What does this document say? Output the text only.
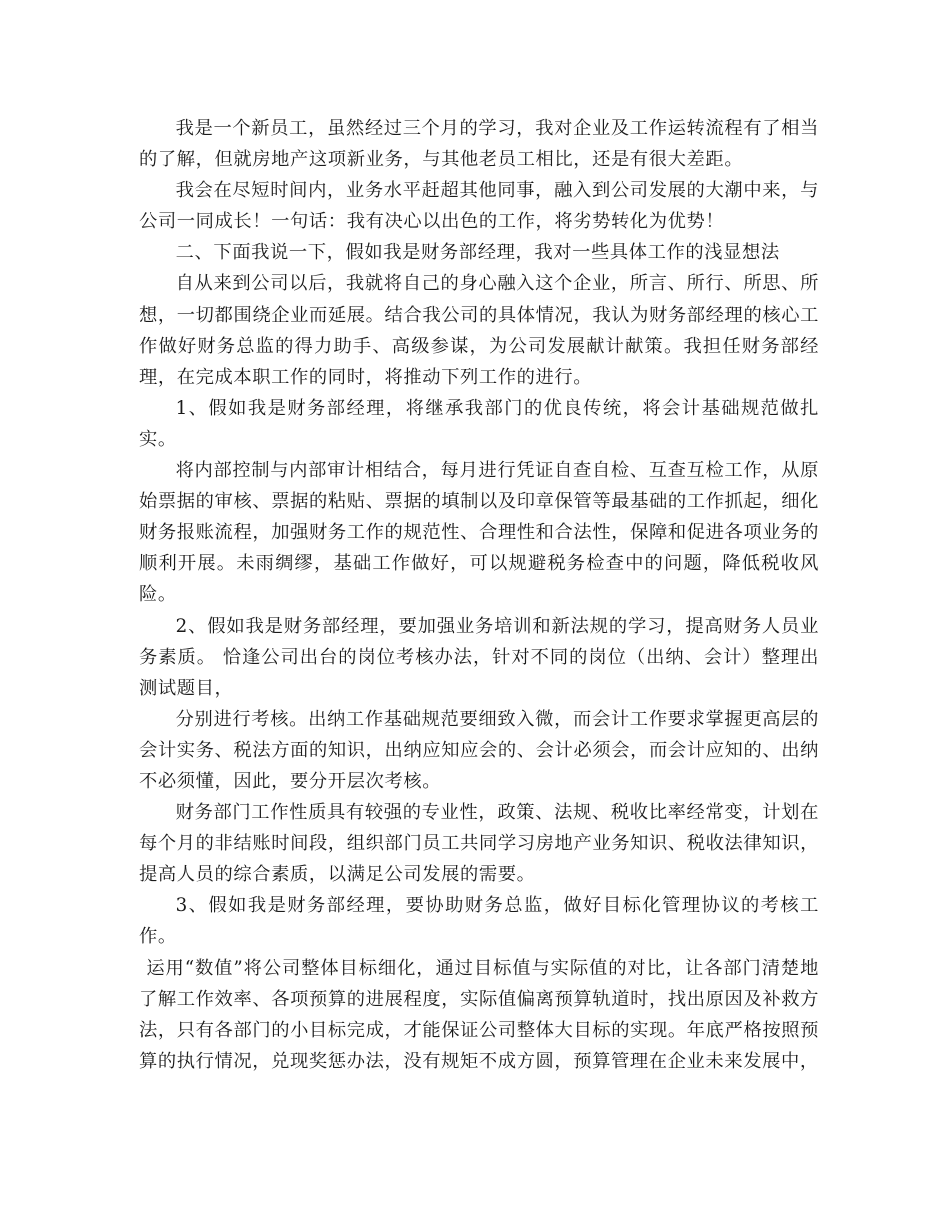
我是一个新员工，虽然经过三个月的学习，我对企业及工作运转流程有了相当的了解，但就房地产这项新业务，与其他老员工相比，还是有很大差距。

我会在尽短时间内，业务水平赶超其他同事，融入到公司发展的大潮中来，与公司一同成长！一句话：我有决心以出色的工作，将劣势转化为优势！

二、下面我说一下，假如我是财务部经理，我对一些具体工作的浅显想法

自从来到公司以后，我就将自己的身心融入这个企业，所言、所行、所思、所想，一切都围绕企业而延展。结合我公司的具体情况，我认为财务部经理的核心工作做好财务总监的得力助手、高级参谋，为公司发展献计献策。我担任财务部经理，在完成本职工作的同时，将推动下列工作的进行。

1、假如我是财务部经理，将继承我部门的优良传统，将会计基础规范做扎实。

将内部控制与内部审计相结合，每月进行凭证自查自检、互查互检工作，从原始票据的审核、票据的粘贴、票据的填制以及印章保管等最基础的工作抓起，细化财务报账流程，加强财务工作的规范性、合理性和合法性，保障和促进各项业务的顺利开展。未雨绸缪，基础工作做好，可以规避税务检查中的问题，降低税收风险。

2、假如我是财务部经理，要加强业务培训和新法规的学习，提高财务人员业务素质。 恰逢公司出台的岗位考核办法，针对不同的岗位（出纳、会计）整理出测试题目，

分别进行考核。出纳工作基础规范要细致入微，而会计工作要求掌握更高层的会计实务、税法方面的知识，出纳应知应会的、会计必须会，而会计应知的、出纳不必须懂，因此，要分开层次考核。

财务部门工作性质具有较强的专业性，政策、法规、税收比率经常变，计划在每个月的非结账时间段，组织部门员工共同学习房地产业务知识、税收法律知识，提高人员的综合素质，以满足公司发展的需要。

3、假如我是财务部经理，要协助财务总监，做好目标化管理协议的考核工作。

运用“数值”将公司整体目标细化，通过目标值与实际值的对比，让各部门清楚地了解工作效率、各项预算的进展程度，实际值偏离预算轨道时，找出原因及补救方法，只有各部门的小目标完成，才能保证公司整体大目标的实现。年底严格按照预算的执行情况，兑现奖惩办法，没有规矩不成方圆，预算管理在企业未来发展中，
